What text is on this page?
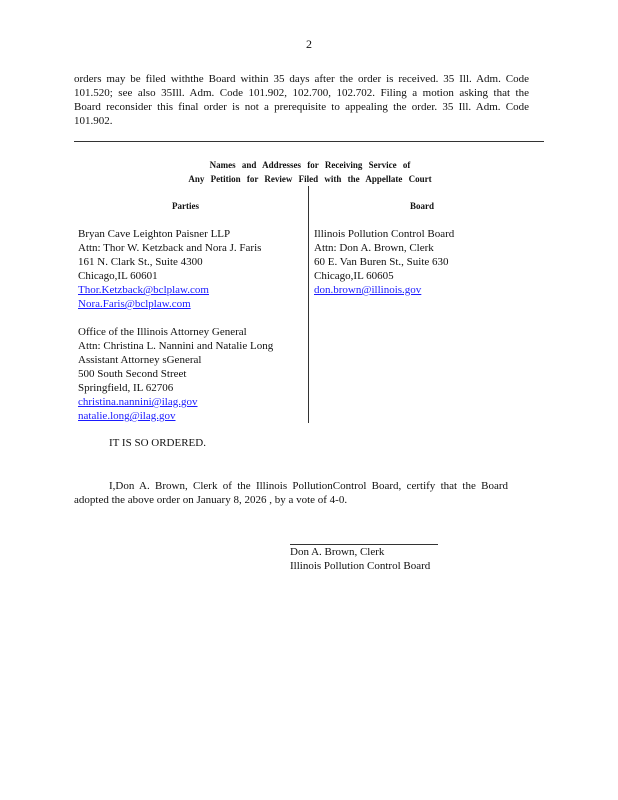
2
orders may be filed withthe Board within 35 days after the order is received. 35 Ill. Adm. Code
101.520; see also 35Ill. Adm. Code 101.902, 102.700, 102.702. Filing a motion asking that the
Board reconsider this final order is not a prerequisite to appealing the order. 35 Ill. Adm. Code
101.902.
Names and Addresses for Receiving Service of
Any Petition for Review Filed with the Appellate Court
Parties	Board
Bryan Cave Leighton Paisner LLP
Attn: Thor W. Ketzback and Nora J. Faris
161 N. Clark St., Suite 4300
Chicago,IL 60601
Thor.Ketzback@bclplaw.com
Nora.Faris@bclplaw.com
Office of the Illinois Attorney General
Attn: Christina L. Nannini and Natalie Long
Assistant Attorney sGeneral
500 South Second Street
Springfield, IL 62706
christina.nannini@ilag.gov
natalie.long@ilag.gov
Illinois Pollution Control Board
Attn: Don A. Brown, Clerk
60 E. Van Buren St., Suite 630
Chicago,IL 60605
don.brown@illinois.gov
IT IS SO ORDERED.
I,Don A. Brown, Clerk of the Illinois PollutionControl Board, certify that the Board
adopted the above order on January 8, 2026 , by a vote of 4-0.
Don A. Brown, Clerk
Illinois Pollution Control Board
